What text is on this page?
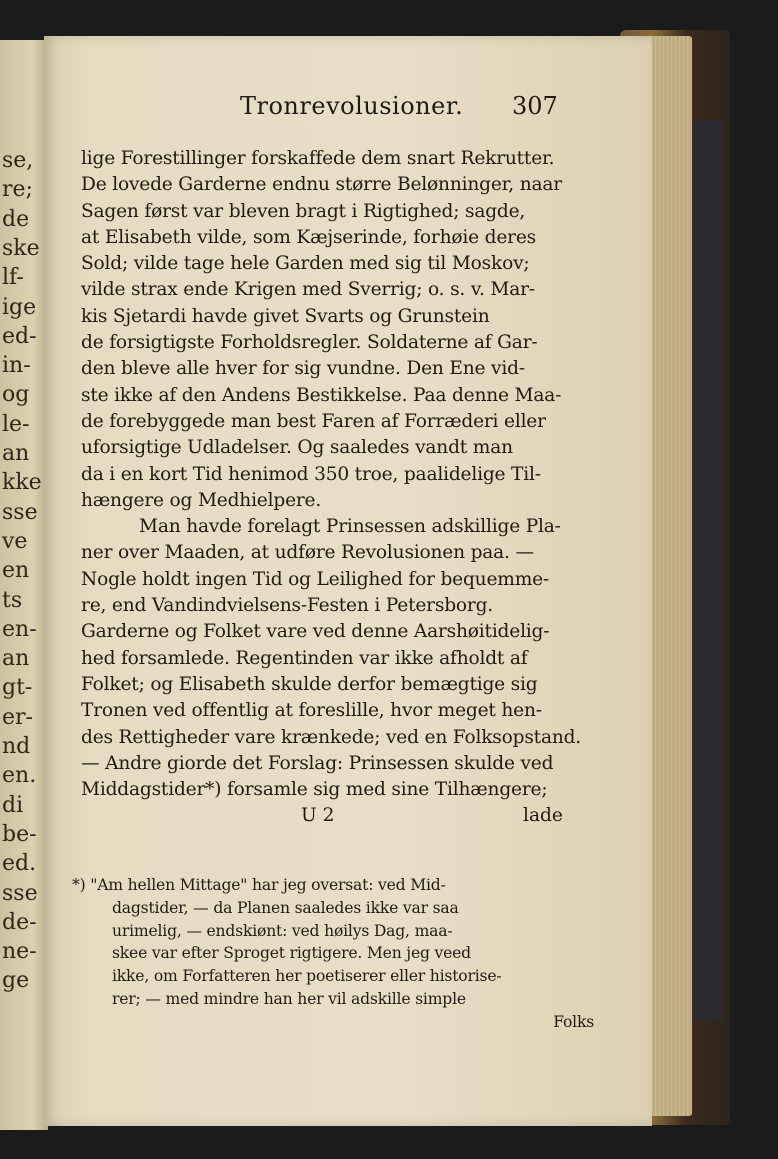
se,
re;
de
ske
lf-
ige
ed-
in-
og
le-
an
kke
sse
ve
en
ts
en-
an
gt-
er-
nd
en.
di
be-
ed.
sse
de-
ne-
ge
Tronrevolusioner. 307
lige Forestillinger forskaffede dem snart Rekrutter.
De lovede Garderne endnu større Belønninger, naar
Sagen først var bleven bragt i Rigtighed; sagde,
at Elisabeth vilde, som Kæjserinde, forhøie deres
Sold; vilde tage hele Garden med sig til Moskov;
vilde strax ende Krigen med Sverrig; o. s. v. Mar-
kis Sjetardi havde givet Svarts og Grunstein
de forsigtigste Forholdsregler. Soldaterne af Gar-
den bleve alle hver for sig vundne. Den Ene vid-
ste ikke af den Andens Bestikkelse. Paa denne Maa-
de forebyggede man best Faren af Forræderi eller
uforsigtige Udladelser. Og saaledes vandt man
da i en kort Tid henimod 350 troe, paalidelige Til-
hængere og Medhielpere.
Man havde forelagt Prinsessen adskillige Pla-
ner over Maaden, at udføre Revolusionen paa. —
Nogle holdt ingen Tid og Leilighed for bequemme-
re, end Vandindvielsens-Festen i Petersborg.
Garderne og Folket vare ved denne Aarshøitidelig-
hed forsamlede. Regentinden var ikke afholdt af
Folket; og Elisabeth skulde derfor bemægtige sig
Tronen ved offentlig at foreslille, hvor meget hen-
des Rettigheder vare krænkede; ved en Folksopstand.
— Andre giorde det Forslag: Prinsessen skulde ved
Middagstider*) forsamle sig med sine Tilhængere;
U 2	lade
*) "Am hellen Mittage" har jeg oversat: ved Mid-
dagstider, — da Planen saaledes ikke var saa
urimelig, — endskiønt: ved høilys Dag, maa-
skee var efter Sproget rigtigere. Men jeg veed
ikke, om Forfatteren her poetiserer eller historise-
rer; — med mindre han her vil adskille simple
Folks
